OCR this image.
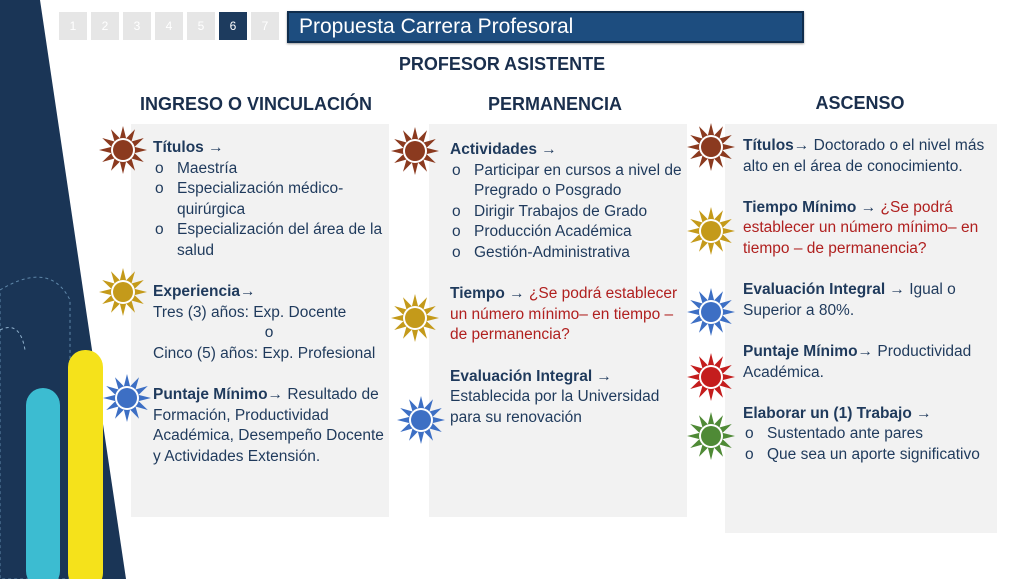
1	2	3	4	5	6	7	Propuesta Carrera Profesoral
PROFESOR ASISTENTE
INGRESO O VINCULACIÓN	PERMANENCIA	ASCENSO
Títulos →
o Maestría
o Especialización médico-quirúrgica
o Especialización del área de la salud
Experiencia→
Tres (3) años: Exp. Docente
o
Cinco (5) años: Exp. Profesional
Puntaje Mínimo→ Resultado de Formación, Productividad Académica, Desempeño Docente y Actividades Extensión.
Actividades →
o Participar en cursos a nivel de Pregrado o Posgrado
o Dirigir Trabajos de Grado
o Producción Académica
o Gestión-Administrativa
Tiempo → ¿Se podrá establecer un número mínimo– en tiempo – de permanencia?
Evaluación Integral → Establecida por la Universidad para su renovación
Títulos→ Doctorado o el nivel más alto en el área de conocimiento.
Tiempo Mínimo → ¿Se podrá establecer un número mínimo– en tiempo – de permanencia?
Evaluación Integral → Igual o Superior a 80%.
Puntaje Mínimo→ Productividad Académica.
Elaborar un (1) Trabajo →
o Sustentado ante pares
o Que sea un aporte significativo
